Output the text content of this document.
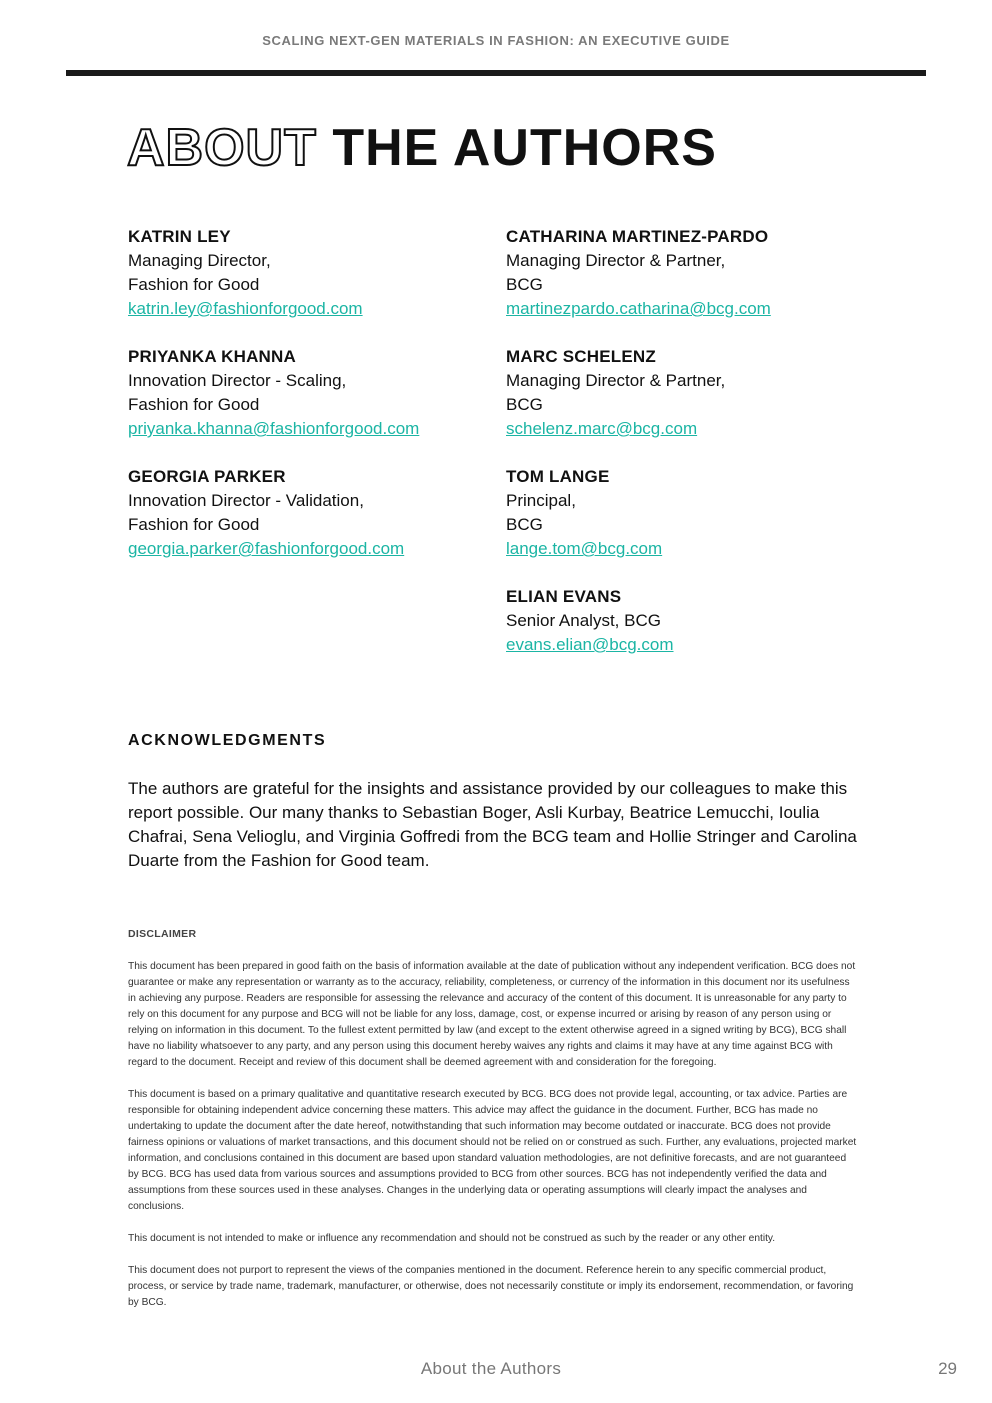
SCALING NEXT-GEN MATERIALS IN FASHION: AN EXECUTIVE GUIDE
ABOUT THE AUTHORS
KATRIN LEY
Managing Director,
Fashion for Good
katrin.ley@fashionforgood.com
PRIYANKA KHANNA
Innovation Director - Scaling,
Fashion for Good
priyanka.khanna@fashionforgood.com
GEORGIA PARKER
Innovation Director - Validation,
Fashion for Good
georgia.parker@fashionforgood.com
CATHARINA MARTINEZ-PARDO
Managing Director & Partner,
BCG
martinezpardo.catharina@bcg.com
MARC SCHELENZ
Managing Director & Partner,
BCG
schelenz.marc@bcg.com
TOM LANGE
Principal,
BCG
lange.tom@bcg.com
ELIAN EVANS
Senior Analyst, BCG
evans.elian@bcg.com
ACKNOWLEDGMENTS

The authors are grateful for the insights and assistance provided by our colleagues to make this report possible. Our many thanks to Sebastian Boger, Asli Kurbay, Beatrice Lemucchi, Ioulia Chafrai, Sena Velioglu, and Virginia Goffredi from the BCG team and Hollie Stringer and Carolina Duarte from the Fashion for Good team.

DISCLAIMER

This document has been prepared in good faith on the basis of information available at the date of publication without any independent verification. BCG does not guarantee or make any representation or warranty as to the accuracy, reliability, completeness, or currency of the information in this document nor its usefulness in achieving any purpose. Readers are responsible for assessing the relevance and accuracy of the content of this document. It is unreasonable for any party to rely on this document for any purpose and BCG will not be liable for any loss, damage, cost, or expense incurred or arising by reason of any person using or relying on information in this document. To the fullest extent permitted by law (and except to the extent otherwise agreed in a signed writing by BCG), BCG shall have no liability whatsoever to any party, and any person using this document hereby waives any rights and claims it may have at any time against BCG with regard to the document. Receipt and review of this document shall be deemed agreement with and consideration for the foregoing.

This document is based on a primary qualitative and quantitative research executed by BCG. BCG does not provide legal, accounting, or tax advice. Parties are responsible for obtaining independent advice concerning these matters. This advice may affect the guidance in the document. Further, BCG has made no undertaking to update the document after the date hereof, notwithstanding that such information may become outdated or inaccurate. BCG does not provide fairness opinions or valuations of market transactions, and this document should not be relied on or construed as such. Further, any evaluations, projected market information, and conclusions contained in this document are based upon standard valuation methodologies, are not definitive forecasts, and are not guaranteed by BCG. BCG has used data from various sources and assumptions provided to BCG from other sources. BCG has not independently verified the data and assumptions from these sources used in these analyses. Changes in the underlying data or operating assumptions will clearly impact the analyses and conclusions.

This document is not intended to make or influence any recommendation and should not be construed as such by the reader or any other entity.

This document does not purport to represent the views of the companies mentioned in the document. Reference herein to any specific commercial product, process, or service by trade name, trademark, manufacturer, or otherwise, does not necessarily constitute or imply its endorsement, recommendation, or favoring by BCG.

About the Authors	29
